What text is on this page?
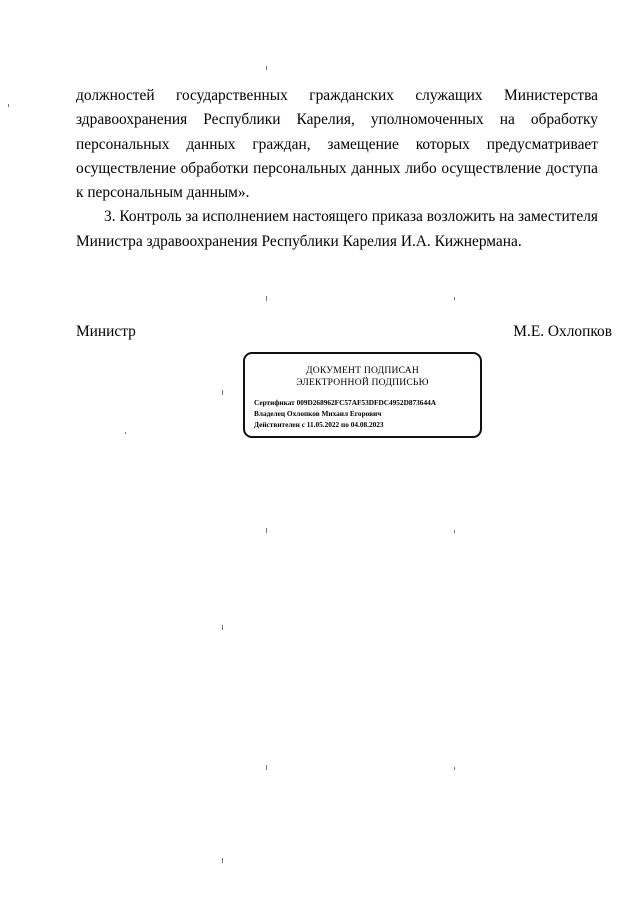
должностей государственных гражданских служащих Министерства здравоохранения Республики Карелия, уполномоченных на обработку персональных данных граждан, замещение которых предусматривает осуществление обработки персональных данных либо осуществление доступа к персональным данным».

3. Контроль за исполнением настоящего приказа возложить на заместителя Министра здравоохранения Республики Карелия И.А. Кижнермана.

Министр	М.Е. Охлопков
ДОКУМЕНТ ПОДПИСАН
ЭЛЕКТРОННОЙ ПОДПИСЬЮ
Сертификат 009D268962FC57AF53DFDC4952D873644A
Владелец Охлопков Михаил Егорович
Действителен с 11.05.2022 по 04.08.2023
